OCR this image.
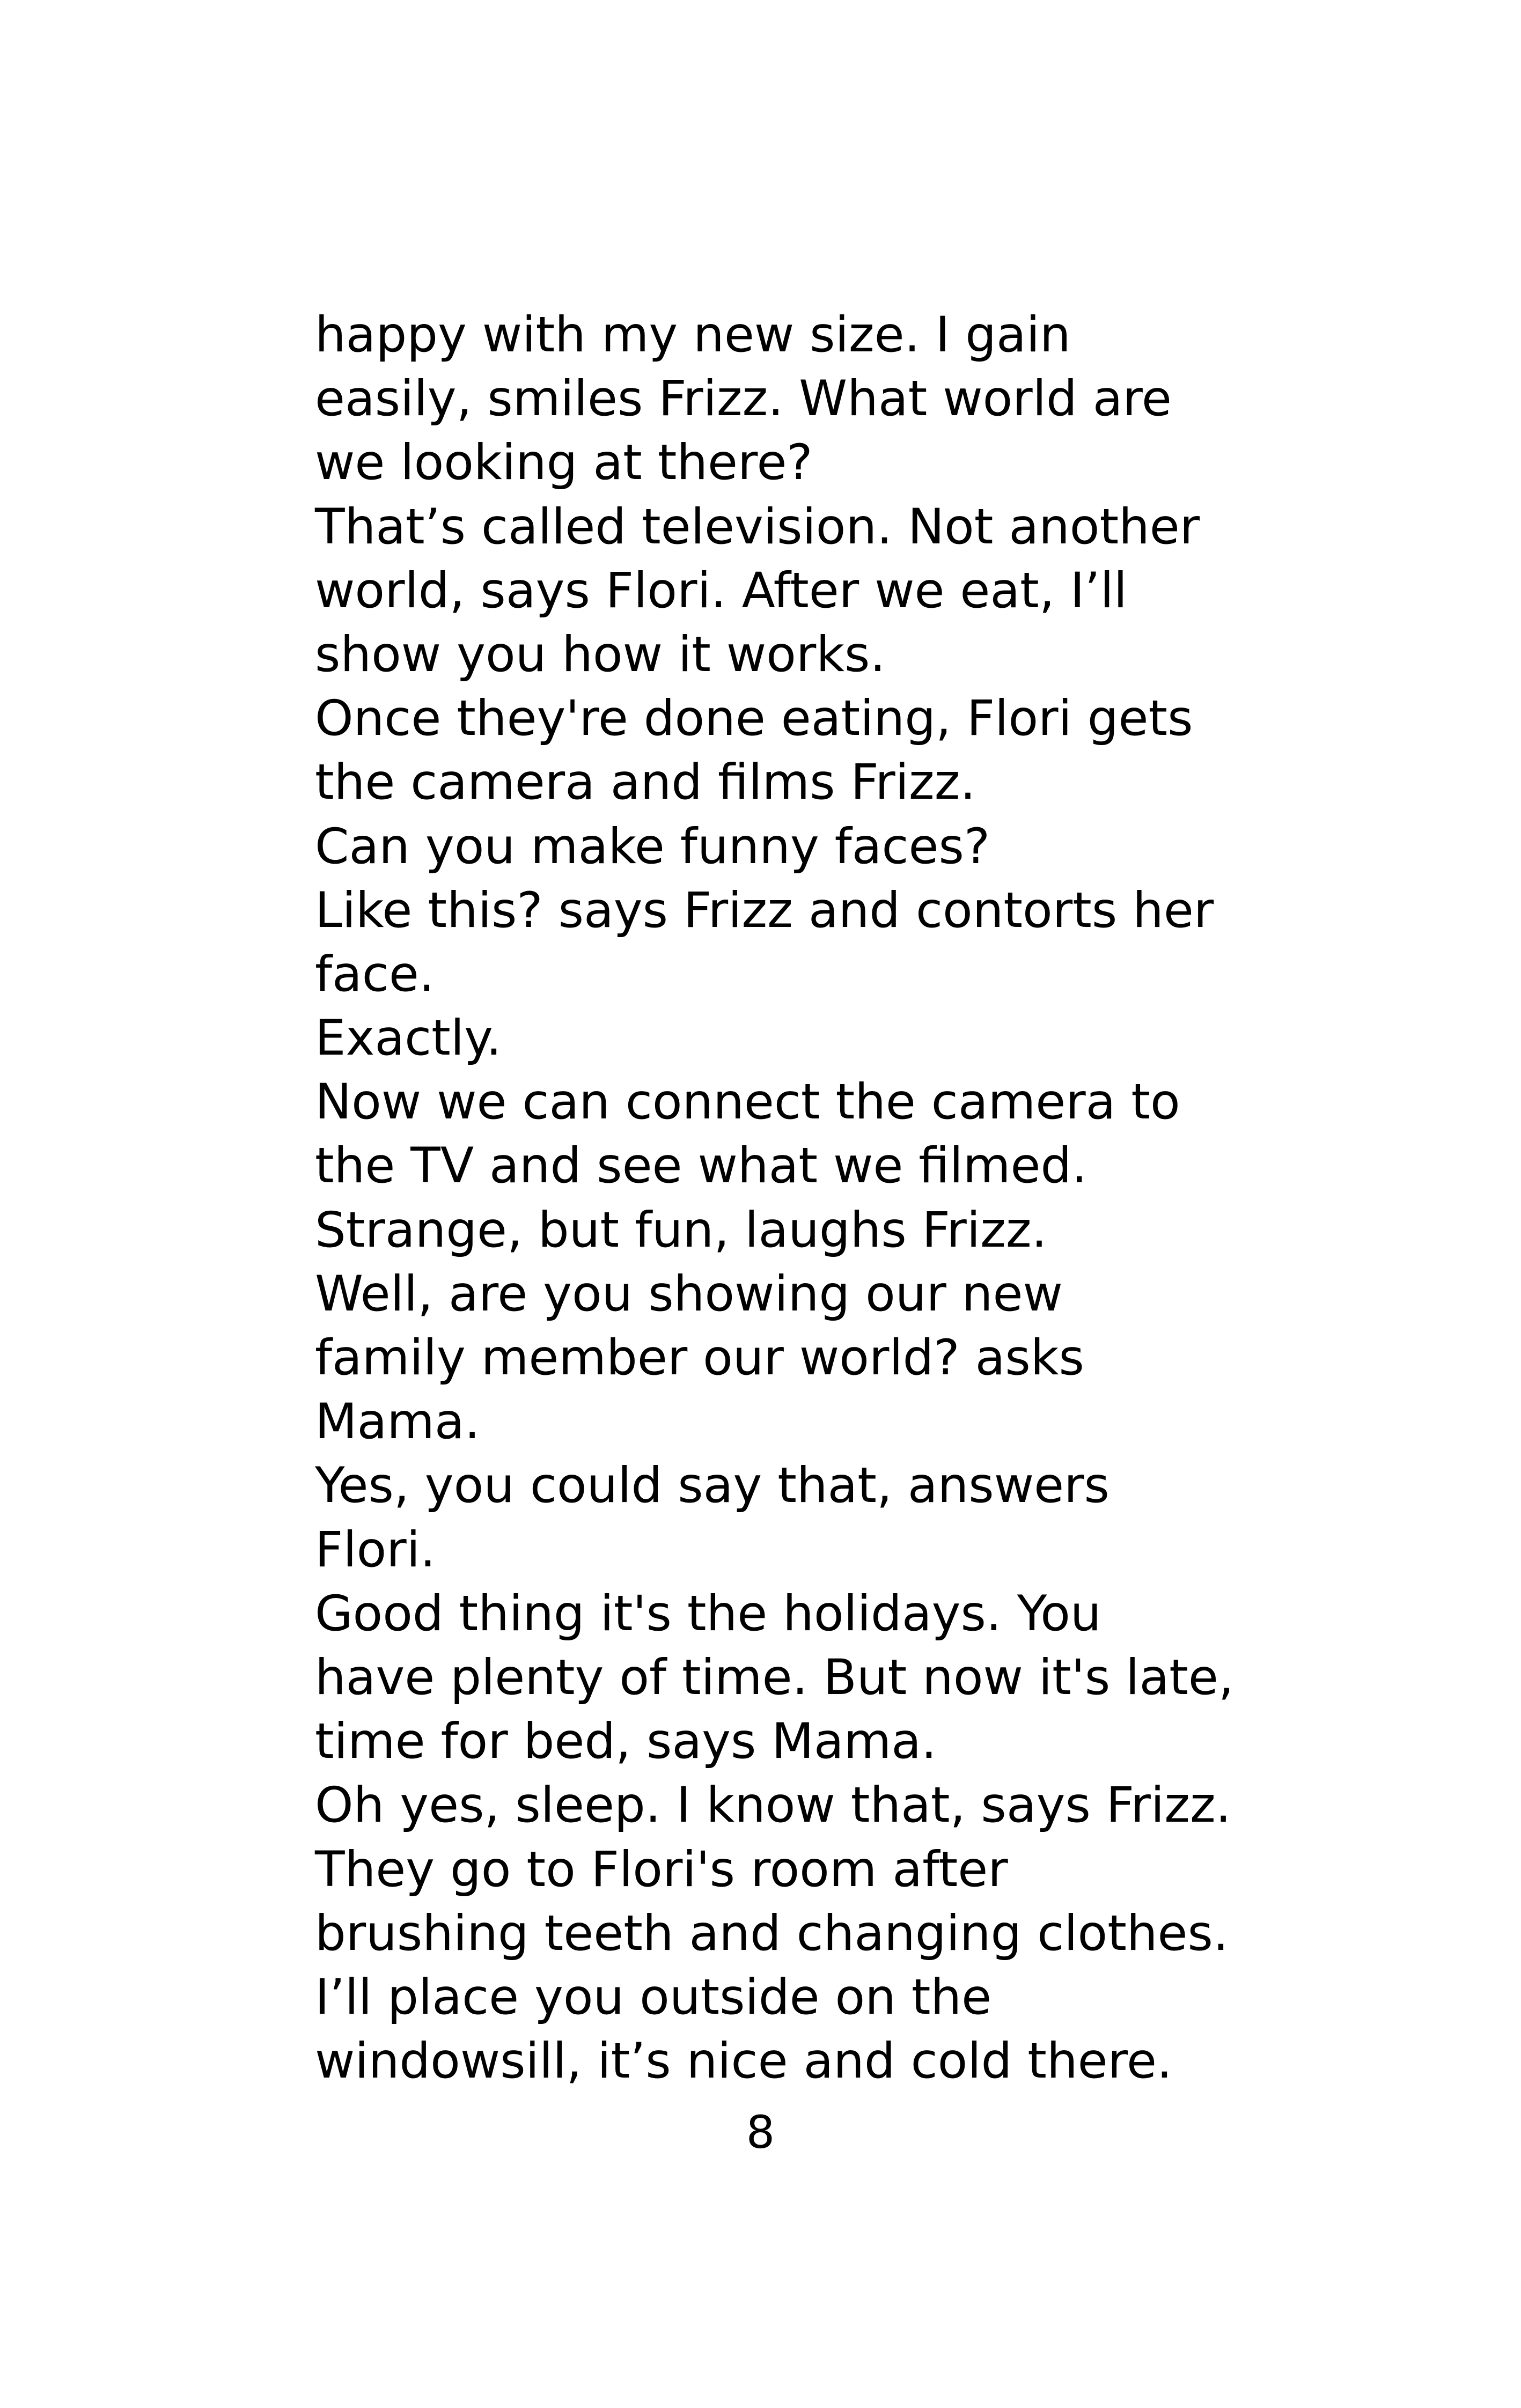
happy with my new size. I gain
easily, smiles Frizz. What world are
we looking at there?
That’s called television. Not another
world, says Flori. After we eat, I’ll
show you how it works.
Once they're done eating, Flori gets
the camera and films Frizz.
Can you make funny faces?
Like this? says Frizz and contorts her
face.
Exactly.
Now we can connect the camera to
the TV and see what we filmed.
Strange, but fun, laughs Frizz.
Well, are you showing our new
family member our world? asks
Mama.
Yes, you could say that, answers
Flori.
Good thing it's the holidays. You
have plenty of time. But now it's late,
time for bed, says Mama.
Oh yes, sleep. I know that, says Frizz.
They go to Flori's room after
brushing teeth and changing clothes.
I’ll place you outside on the
windowsill, it’s nice and cold there.
8
